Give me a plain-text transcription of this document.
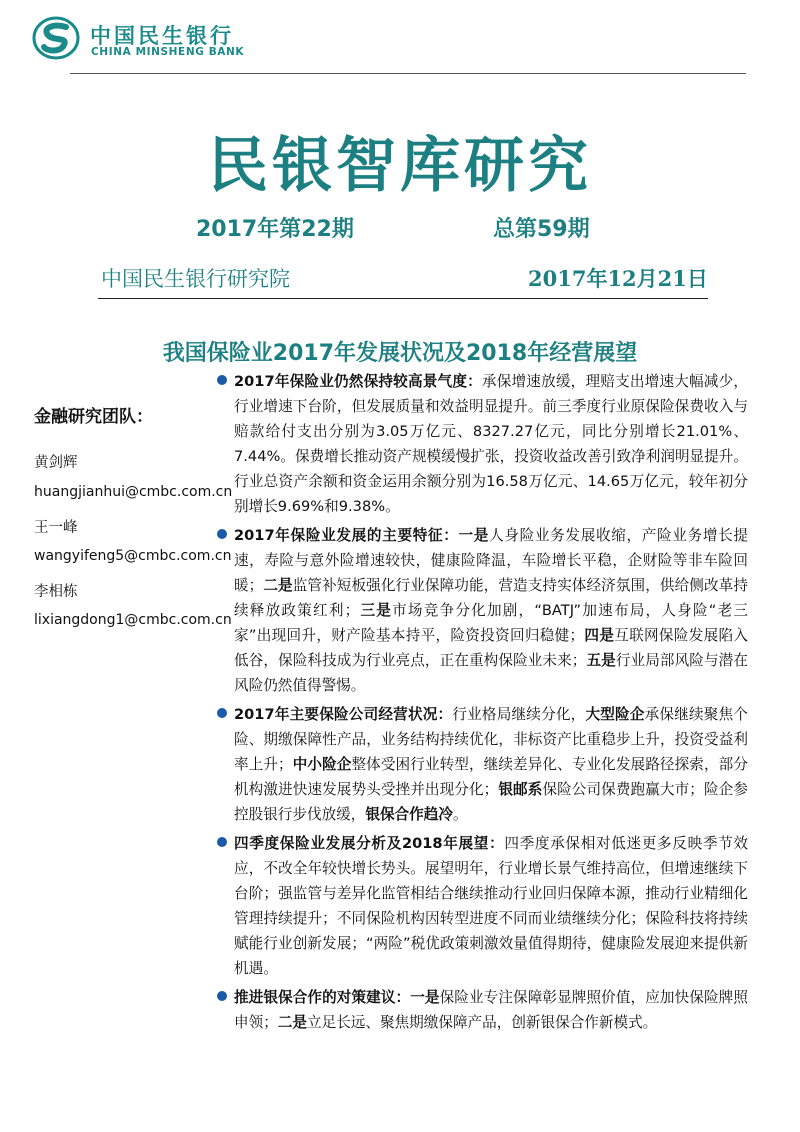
中国民生银行
CHINA MINSHENG BANK
民银智库研究
2017年第22期	总第59期
中国民生银行研究院	2017年12月21日
我国保险业2017年发展状况及2018年经营展望
金融研究团队：
黄剑辉
huangjianhui@cmbc.com.cn
王一峰
wangyifeng5@cmbc.com.cn
李相栋
lixiangdong1@cmbc.com.cn
2017年保险业仍然保持较高景气度：承保增速放缓，理赔支出增速大幅减少，行业增速下台阶，但发展质量和效益明显提升。前三季度行业原保险保费收入与赔款给付支出分别为3.05万亿元、8327.27亿元，同比分别增长21.01%、7.44%。保费增长推动资产规模缓慢扩张，投资收益改善引致净利润明显提升。行业总资产余额和资金运用余额分别为16.58万亿元、14.65万亿元，较年初分别增长9.69%和9.38%。
2017年保险业发展的主要特征：一是人身险业务发展收缩，产险业务增长提速，寿险与意外险增速较快，健康险降温，车险增长平稳，企财险等非车险回暖；二是监管补短板强化行业保障功能，营造支持实体经济氛围，供给侧改革持续释放政策红利；三是市场竞争分化加剧，“BATJ”加速布局，人身险“老三家”出现回升，财产险基本持平，险资投资回归稳健；四是互联网保险发展陷入低谷，保险科技成为行业亮点，正在重构保险业未来；五是行业局部风险与潜在风险仍然值得警惕。
2017年主要保险公司经营状况：行业格局继续分化，大型险企承保继续聚焦个险、期缴保障性产品，业务结构持续优化，非标资产比重稳步上升，投资受益利率上升；中小险企整体受困行业转型，继续差异化、专业化发展路径探索，部分机构激进快速发展势头受挫并出现分化；银邮系保险公司保费跑赢大市；险企参控股银行步伐放缓，银保合作趋冷。
四季度保险业发展分析及2018年展望：四季度承保相对低迷更多反映季节效应，不改全年较快增长势头。展望明年，行业增长景气维持高位，但增速继续下台阶；强监管与差异化监管相结合继续推动行业回归保障本源，推动行业精细化管理持续提升；不同保险机构因转型进度不同而业绩继续分化；保险科技将持续赋能行业创新发展；“两险”税优政策刺激效量值得期待，健康险发展迎来提供新机遇。
推进银保合作的对策建议：一是保险业专注保障彰显牌照价值，应加快保险牌照申领；二是立足长远、聚焦期缴保障产品，创新银保合作新模式。
